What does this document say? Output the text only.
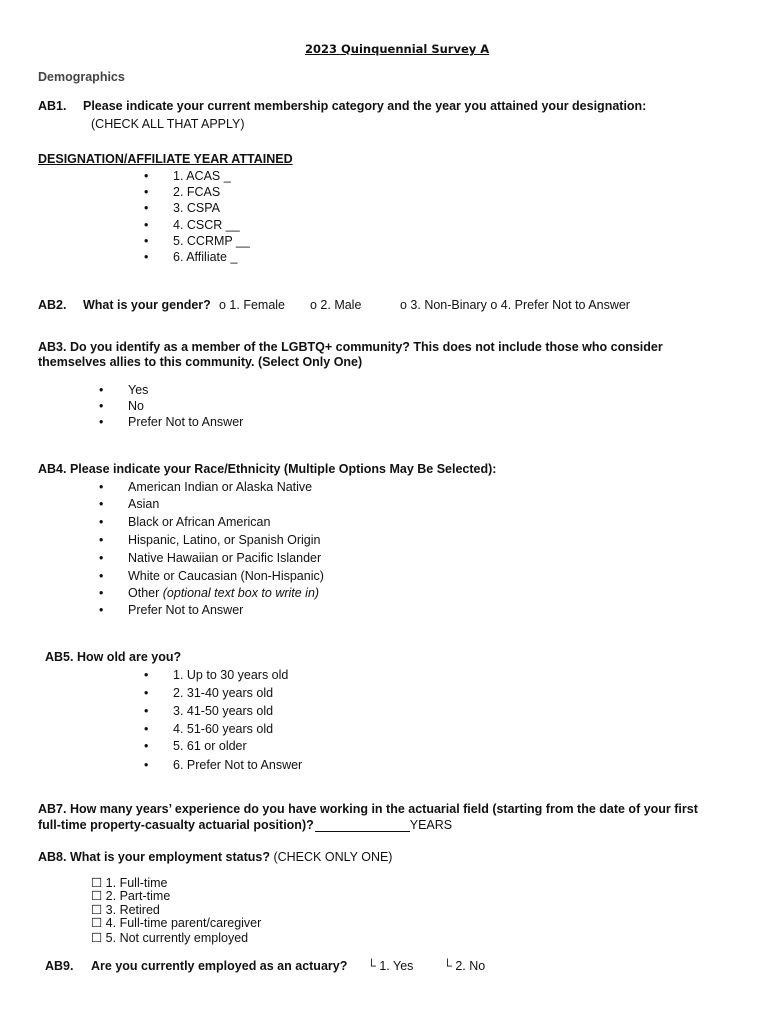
2023 Quinquennial Survey A
Demographics
AB1. Please indicate your current membership category and the year you attained your designation:
(CHECK ALL THAT APPLY)
DESIGNATION/AFFILIATE YEAR ATTAINED
• 1. ACAS _
• 2. FCAS
• 3. CSPA
• 4. CSCR __
• 5. CCRMP __
• 6. Affiliate _
AB2. What is your gender? o 1. Female o 2. Male	o 3. Non-Binary o 4. Prefer Not to Answer
AB3. Do you identify as a member of the LGBTQ+ community? This does not include those who consider
themselves allies to this community. (Select Only One)
• Yes
• No
• Prefer Not to Answer
AB4. Please indicate your Race/Ethnicity (Multiple Options May Be Selected):
• American Indian or Alaska Native
• Asian
• Black or African American
• Hispanic, Latino, or Spanish Origin
• Native Hawaiian or Pacific Islander
• White or Caucasian (Non-Hispanic)
• Other (optional text box to write in)
• Prefer Not to Answer
AB5. How old are you?
• 1. Up to 30 years old
• 2. 31-40 years old
• 3. 41-50 years old
• 4. 51-60 years old
• 5. 61 or older
• 6. Prefer Not to Answer
AB7. How many years’ experience do you have working in the actuarial field (starting from the date of your first
full-time property-casualty actuarial position)?	YEARS
AB8. What is your employment status? (CHECK ONLY ONE)
☐ 1. Full-time
☐ 2. Part-time
☐ 3. Retired
☐ 4. Full-time parent/caregiver
☐ 5. Not currently employed
AB9. Are you currently employed as an actuary? └ 1. Yes └ 2. No
